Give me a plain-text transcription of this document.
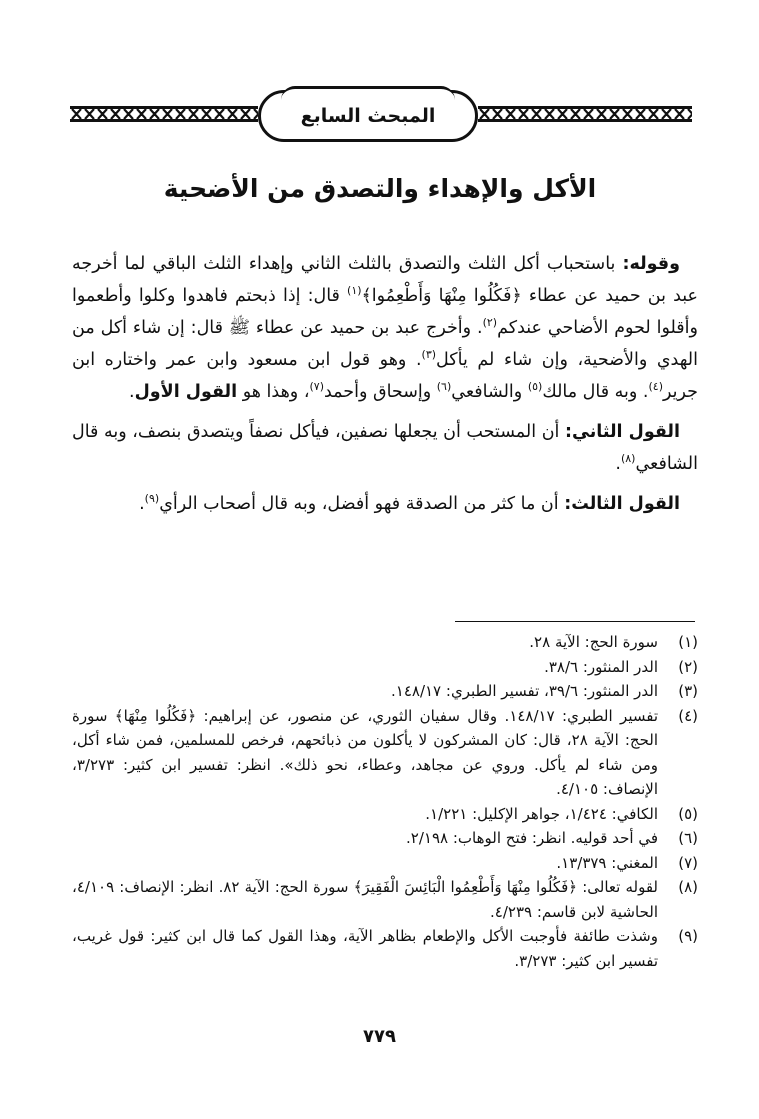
المبحث السابع
الأكل والإهداء والتصدق من الأضحية

وقوله: باستحباب أكل الثلث والتصدق بالثلث الثاني وإهداء الثلث الباقي لما أخرجه عبد بن حميد عن عطاء ﴿فَكُلُوا مِنْهَا وَأَطْعِمُوا﴾$^{(١)}$ قال: إذا ذبحتم فاهدوا وكلوا وأطعموا وأقلوا لحوم الأضاحي عندكم$^{(٢)}$. وأخرج عبد بن حميد عن عطاء ﷺ قال: إن شاء أكل من الهدي والأضحية، وإن شاء لم يأكل$^{(٣)}$. وهو قول ابن مسعود وابن عمر واختاره ابن جرير$^{(٤)}$. وبه قال مالك$^{(٥)}$ والشافعي$^{(٦)}$ وإسحاق وأحمد$^{(٧)}$، وهذا هو القول الأول.

القول الثاني: أن المستحب أن يجعلها نصفين، فيأكل نصفاً ويتصدق بنصف، وبه قال الشافعي$^{(٨)}$.

القول الثالث: أن ما كثر من الصدقة فهو أفضل، وبه قال أصحاب الرأي$^{(٩)}$.

(١)
سورة الحج: الآية ٢٨.
(٢)
الدر المنثور: ٣٨/٦.
(٣)
الدر المنثور: ٣٩/٦، تفسير الطبري: ١٤٨/١٧.
(٤)
تفسير الطبري: ١٤٨/١٧. وقال سفيان الثوري، عن منصور، عن إبراهيم: ﴿فَكُلُوا مِنْهَا﴾ سورة الحج: الآية ٢٨، قال: كان المشركون لا يأكلون من ذبائحهم، فرخص للمسلمين، فمن شاء أكل، ومن شاء لم يأكل. وروي عن مجاهد، وعطاء، نحو ذلك». انظر: تفسير ابن كثير: ٣/٢٧٣، الإنصاف: ٤/١٠٥.
(٥)
الكافي: ١/٤٢٤، جواهر الإكليل: ١/٢٢١.
(٦)
في أحد قوليه. انظر: فتح الوهاب: ٢/١٩٨.
(٧)
المغني: ١٣/٣٧٩.
(٨)
لقوله تعالى: ﴿فَكُلُوا مِنْهَا وَأَطْعِمُوا الْبَائِسَ الْفَقِيرَ﴾ سورة الحج: الآية ٨٢. انظر: الإنصاف: ٤/١٠٩، الحاشية لابن قاسم: ٤/٢٣٩.
(٩)
وشذت طائفة فأوجبت الأكل والإطعام بظاهر الآية، وهذا القول كما قال ابن كثير: قول غريب، تفسير ابن كثير: ٣/٢٧٣.
٧٧٩
